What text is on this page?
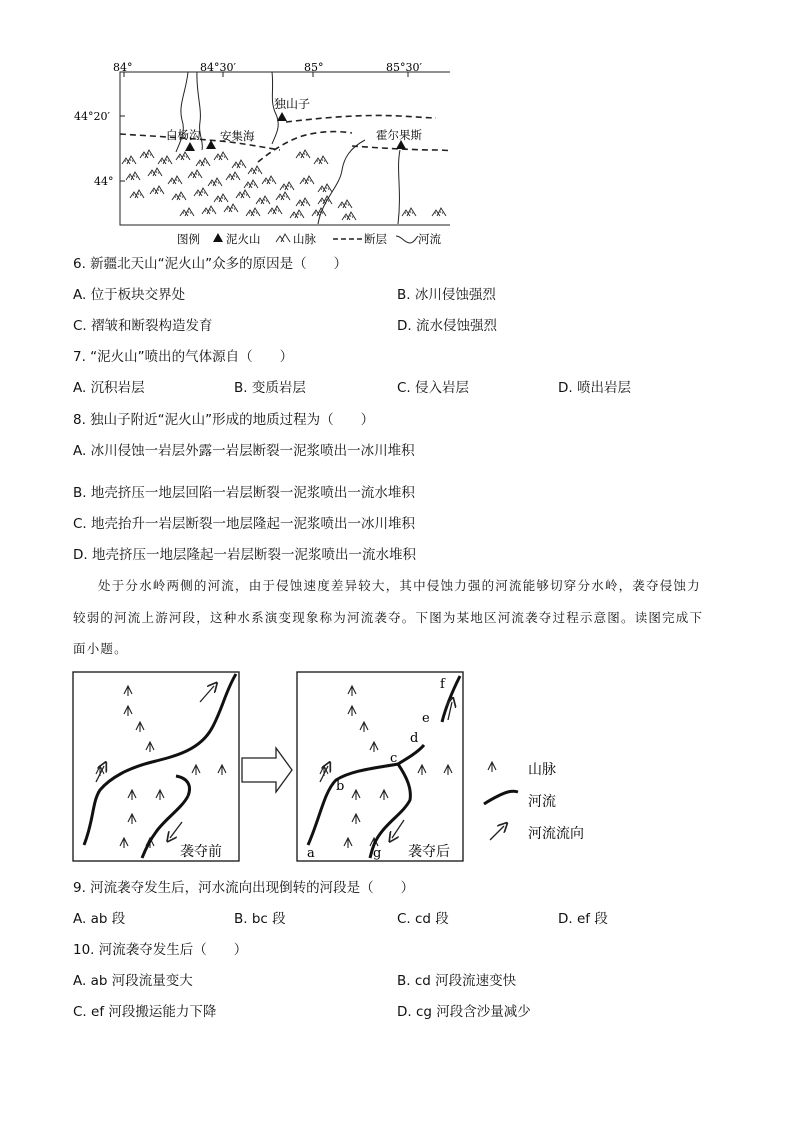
84°	84°30′	85°	85°30′
44°20′
44°
独山子
白杨沟 安集海	霍尔果斯
图例 泥火山	山脉	断层	河流
6. 新疆北天山“泥火山”众多的原因是（　　）
A. 位于板块交界处	B. 冰川侵蚀强烈
C. 褶皱和断裂构造发育	D. 流水侵蚀强烈
7. “泥火山”喷出的气体源自（　　）
A. 沉积岩层	B. 变质岩层	C. 侵入岩层	D. 喷出岩层
8. 独山子附近“泥火山”形成的地质过程为（　　）
A. 冰川侵蚀一岩层外露一岩层断裂一泥浆喷出一冰川堆积
B. 地壳挤压一地层回陷一岩层断裂一泥浆喷出一流水堆积
C. 地壳抬升一岩层断裂一地层隆起一泥浆喷出一冰川堆积
D. 地壳挤压一地层隆起一岩层断裂一泥浆喷出一流水堆积
处于分水岭两侧的河流，由于侵蚀速度差异较大，其中侵蚀力强的河流能够切穿分水岭，袭夺侵蚀力
较弱的河流上游河段，这种水系演变现象称为河流袭夺。下图为某地区河流袭夺过程示意图。读图完成下
面小题。
袭夺前	a
b
c
d
e
f
g 袭夺后
山脉
河流
河流流向
9. 河流袭夺发生后，河水流向出现倒转的河段是（　　）
A. ab 段	B. bc 段	C. cd 段	D. ef 段
10. 河流袭夺发生后（　　）
A. ab 河段流量变大	B. cd 河段流速变快
C. ef 河段搬运能力下降	D. cg 河段含沙量减少
